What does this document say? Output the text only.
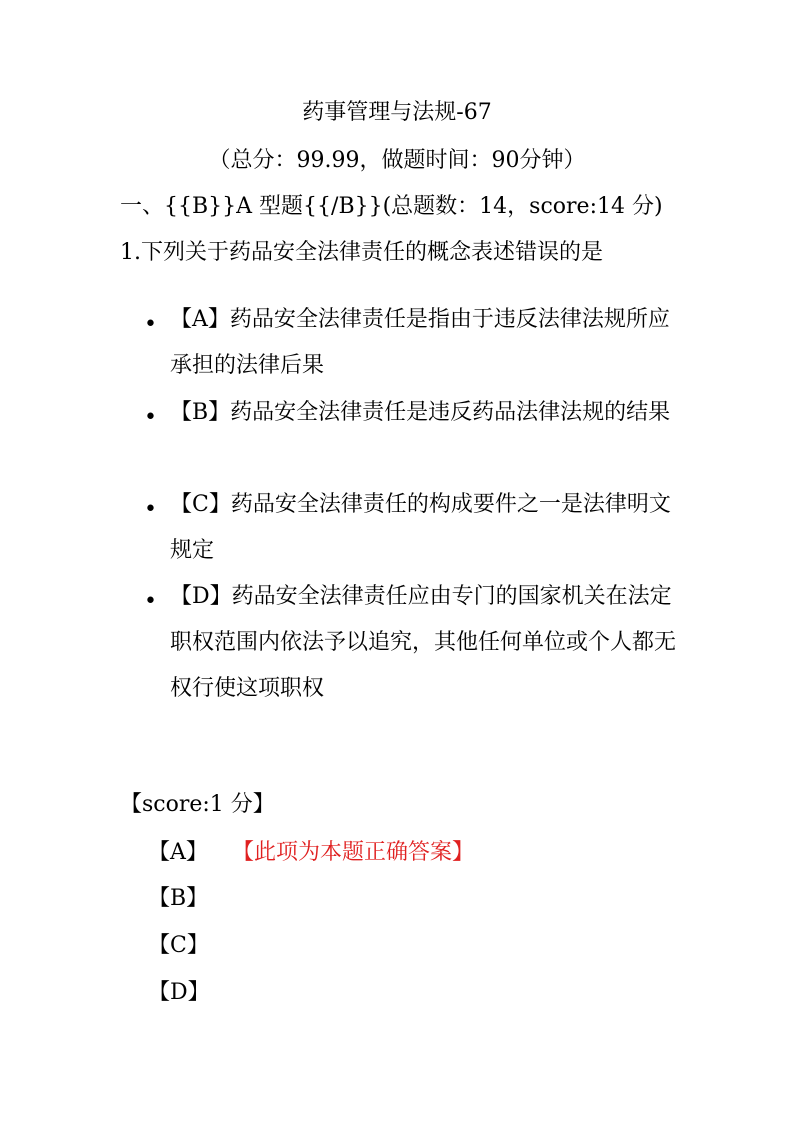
药事管理与法规-67
（总分：99.99，做题时间：90分钟）
一、{{B}}A 型题{{/B}}(总题数：14，score:14 分)
1.下列关于药品安全法律责任的概念表述错误的是
• 【A】药品安全法律责任是指由于违反法律法规所应承担的法律后果
• 【B】药品安全法律责任是违反药品法律法规的结果
• 【C】药品安全法律责任的构成要件之一是法律明文规定
• 【D】药品安全法律责任应由专门的国家机关在法定职权范围内依法予以追究，其他任何单位或个人都无权行使这项职权
【score:1 分】
【A】 【此项为本题正确答案】
【B】
【C】
【D】
